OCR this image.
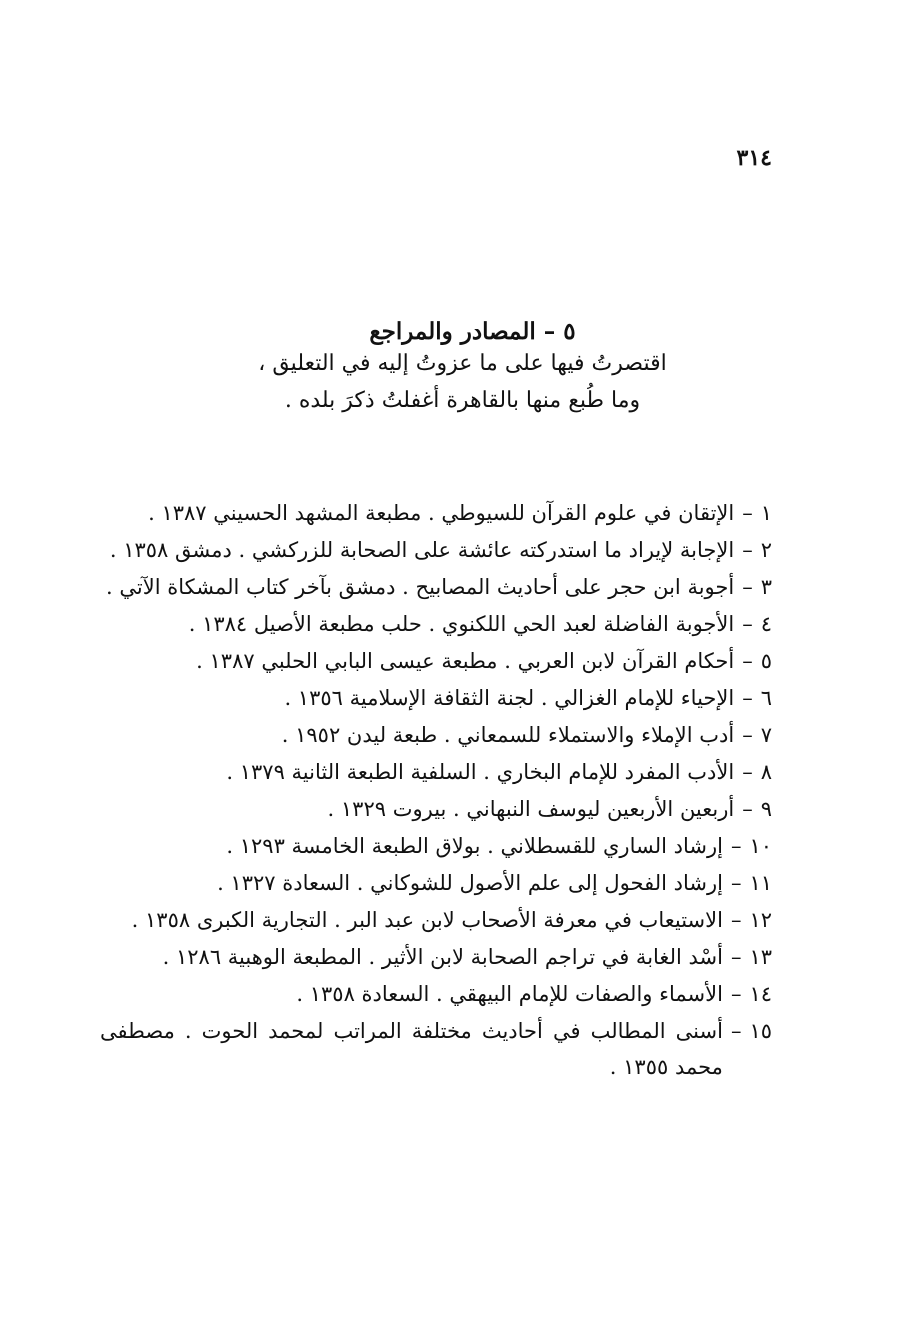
٣١٤
٥ – المصادر والمراجع
اقتصرتُ فيها على ما عزوتُ إليه في التعليق ،
وما طُبع منها بالقاهرة أغفلتُ ذكرَ بلده .
١–
الإتقان في علوم القرآن للسيوطي . مطبعة المشهد الحسيني ١٣٨٧ .
٢–
الإجابة لإيراد ما استدركته عائشة على الصحابة للزركشي . دمشق ١٣٥٨ .
٣–
أجوبة ابن حجر على أحاديث المصابيح . دمشق بآخر كتاب المشكاة الآتي .
٤–
الأجوبة الفاضلة لعبد الحي اللكنوي . حلب مطبعة الأصيل ١٣٨٤ .
٥–
أحكام القرآن لابن العربي . مطبعة عيسى البابي الحلبي ١٣٨٧ .
٦–
الإحياء للإمام الغزالي . لجنة الثقافة الإسلامية ١٣٥٦ .
٧–
أدب الإملاء والاستملاء للسمعاني . طبعة ليدن ١٩٥٢ .
٨–
الأدب المفرد للإمام البخاري . السلفية الطبعة الثانية ١٣٧٩ .
٩–
أربعين الأربعين ليوسف النبهاني . بيروت ١٣٢٩ .
١٠–
إرشاد الساري للقسطلاني . بولاق الطبعة الخامسة ١٢٩٣ .
١١–
إرشاد الفحول إلى علم الأصول للشوكاني . السعادة ١٣٢٧ .
١٢–
الاستيعاب في معرفة الأصحاب لابن عبد البر . التجارية الكبرى ١٣٥٨ .
١٣–
أسْد الغابة في تراجم الصحابة لابن الأثير . المطبعة الوهبية ١٢٨٦ .
١٤–
الأسماء والصفات للإمام البيهقي . السعادة ١٣٥٨ .
١٥–
أسنى المطالب في أحاديث مختلفة المراتب لمحمد الحوت . مصطفى محمد ١٣٥٥ .
